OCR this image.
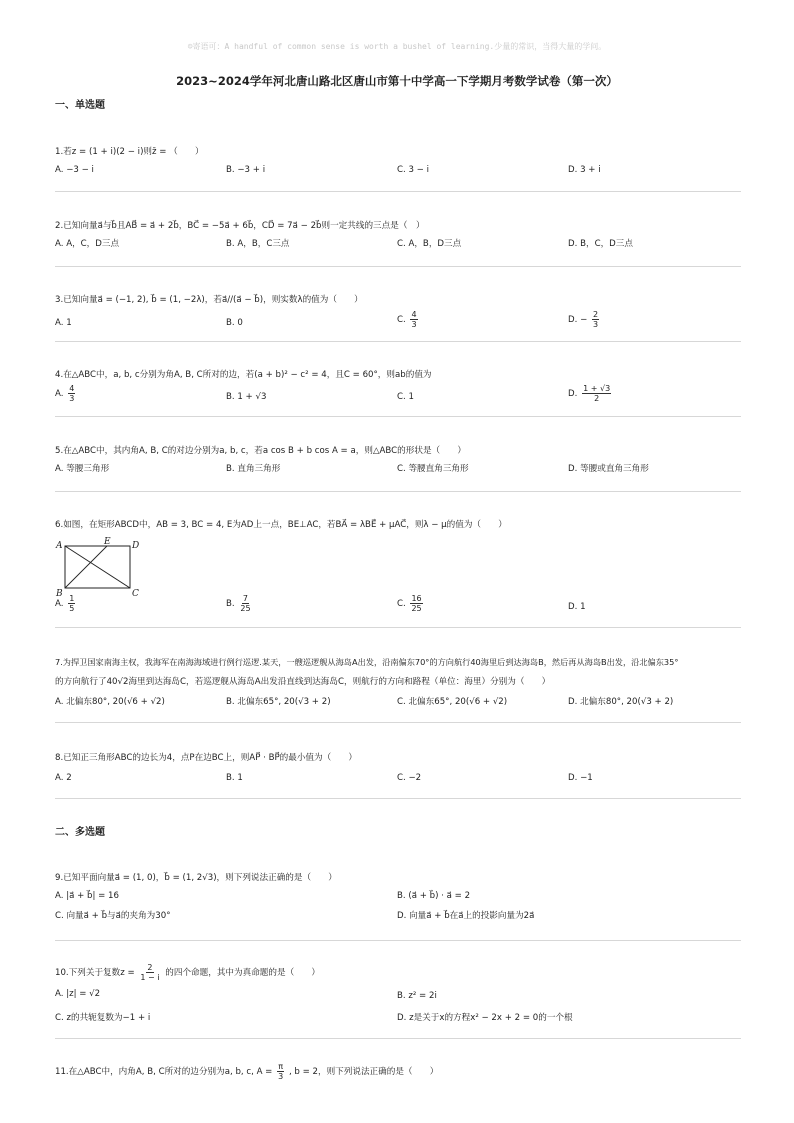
☺寄语可：A handful of common sense is worth a bushel of learning.少量的常识，当得大量的学问。
2023~2024学年河北唐山路北区唐山市第十中学高一下学期月考数学试卷（第一次）
一、单选题
1.若z = (1 + i)(2 − i)则z̄ = （　　）
A. −3 − i	B. −3 + i	C. 3 − i	D. 3 + i
2.已知向量a⃗与b⃗且AB⃗ = a⃗ + 2b⃗，BC⃗ = −5a⃗ + 6b⃗，CD⃗ = 7a⃗ − 2b⃗则一定共线的三点是（　）
A. A，C，D三点	B. A，B，C三点	C. A，B，D三点	D. B，C，D三点
3.已知向量a⃗ = (−1, 2), b⃗ = (1, −2λ)，若a⃗//(a⃗ − b⃗)，则实数λ的值为（　　）
A. 1	B. 0	C. $\frac{4}{3}$	D. − $\frac{2}{3}$
4.在△ABC中，a, b, c分别为角A, B, C所对的边，若(a + b)² − c² = 4，且C = 60°，则ab的值为
A. $\frac{4}{3}$	B. 1 + √3	C. 1	D. $\frac{1 + √3}{2}$
5.在△ABC中，其内角A, B, C的对边分别为a, b, c，若a cos B + b cos A = a，则△ABC的形状是（　　）
A. 等腰三角形	B. 直角三角形	C. 等腰直角三角形	D. 等腰或直角三角形
6.如图，在矩形ABCD中，AB = 3, BC = 4, E为AD上一点，BE⊥AC，若BA⃗ = λBE⃗ + μAC⃗，则λ − μ的值为（　　）
A	E D
B	C
A. $\frac{1}{5}$	B. $\frac{7}{25}$	C. $\frac{16}{25}$	D. 1
7.为捍卫国家南海主权，我海军在南海海域进行例行巡逻.某天，一艘巡逻舰从海岛A出发，沿南偏东70°的方向航行40海里后到达海岛B，然后再从海岛B出发，沿北偏东35°
的方向航行了40√2海里到达海岛C，若巡逻舰从海岛A出发沿直线到达海岛C，则航行的方向和路程（单位：海里）分别为（　　）
A. 北偏东80°, 20(√6 + √2)	B. 北偏东65°, 20(√3 + 2)	C. 北偏东65°, 20(√6 + √2)	D. 北偏东80°, 20(√3 + 2)
8.已知正三角形ABC的边长为4，点P在边BC上，则AP⃗ · BP⃗的最小值为（　　）
A. 2	B. 1	C. −2	D. −1
二、多选题
9.已知平面向量a⃗ = (1, 0)，b⃗ = (1, 2√3)，则下列说法正确的是（　　）
A. |a⃗ + b⃗| = 16	B. (a⃗ + b⃗) · a⃗ = 2
C. 向量a⃗ + b⃗与a⃗的夹角为30°	D. 向量a⃗ + b⃗在a⃗上的投影向量为2a⃗
10.下列关于复数$z = \frac{2}{1 - i}$ 的四个命题，其中为真命题的是（　　）
A. |z| = √2	B. z² = 2i
C. z的共轭复数为−1 + i	D. z是关于x的方程x² − 2x + 2 = 0的一个根
11.在△ABC中，内角A, B, C所对的边分别为a, b, c, $A = \frac{\pi}{3}$ , b = 2，则下列说法正确的是（　　）
